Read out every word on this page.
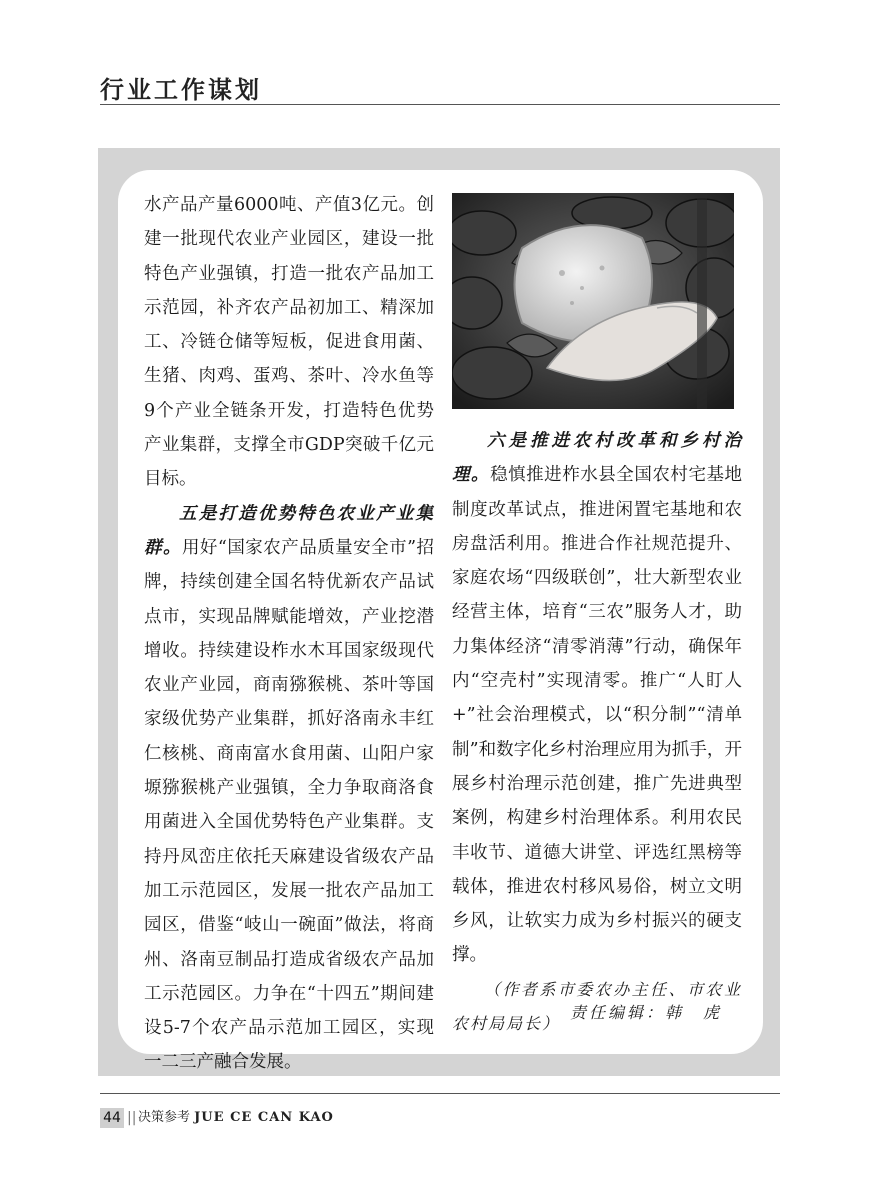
行业工作谋划

水产品产量6000吨、产值3亿元。创建一批现代农业产业园区，建设一批特色产业强镇，打造一批农产品加工示范园，补齐农产品初加工、精深加工、冷链仓储等短板，促进食用菌、生猪、肉鸡、蛋鸡、茶叶、冷水鱼等9个产业全链条开发，打造特色优势产业集群，支撑全市GDP突破千亿元目标。

五是打造优势特色农业产业集群。用好“国家农产品质量安全市”招牌，持续创建全国名特优新农产品试点市，实现品牌赋能增效，产业挖潜增收。持续建设柞水木耳国家级现代农业产业园，商南猕猴桃、茶叶等国家级优势产业集群，抓好洛南永丰红仁核桃、商南富水食用菌、山阳户家塬猕猴桃产业强镇，全力争取商洛食用菌进入全国优势特色产业集群。支持丹凤峦庄依托天麻建设省级农产品加工示范园区，发展一批农产品加工园区，借鉴“岐山一碗面”做法，将商州、洛南豆制品打造成省级农产品加工示范园区。力争在“十四五”期间建设5-7个农产品示范加工园区，实现一二三产融合发展。

六是推进农村改革和乡村治理。稳慎推进柞水县全国农村宅基地制度改革试点，推进闲置宅基地和农房盘活利用。推进合作社规范提升、家庭农场“四级联创”，壮大新型农业经营主体，培育“三农”服务人才，助力集体经济“清零消薄”行动，确保年内“空壳村”实现清零。推广“人盯人+”社会治理模式，以“积分制”“清单制”和数字化乡村治理应用为抓手，开展乡村治理示范创建，推广先进典型案例，构建乡村治理体系。利用农民丰收节、道德大讲堂、评选红黑榜等载体，推进农村移风易俗，树立文明乡风，让软实力成为乡村振兴的硬支撑。

（作者系市委农办主任、市农业农村局局长）

责任编辑：韩　虎
44 || 决策参考 JUE CE CAN KAO
